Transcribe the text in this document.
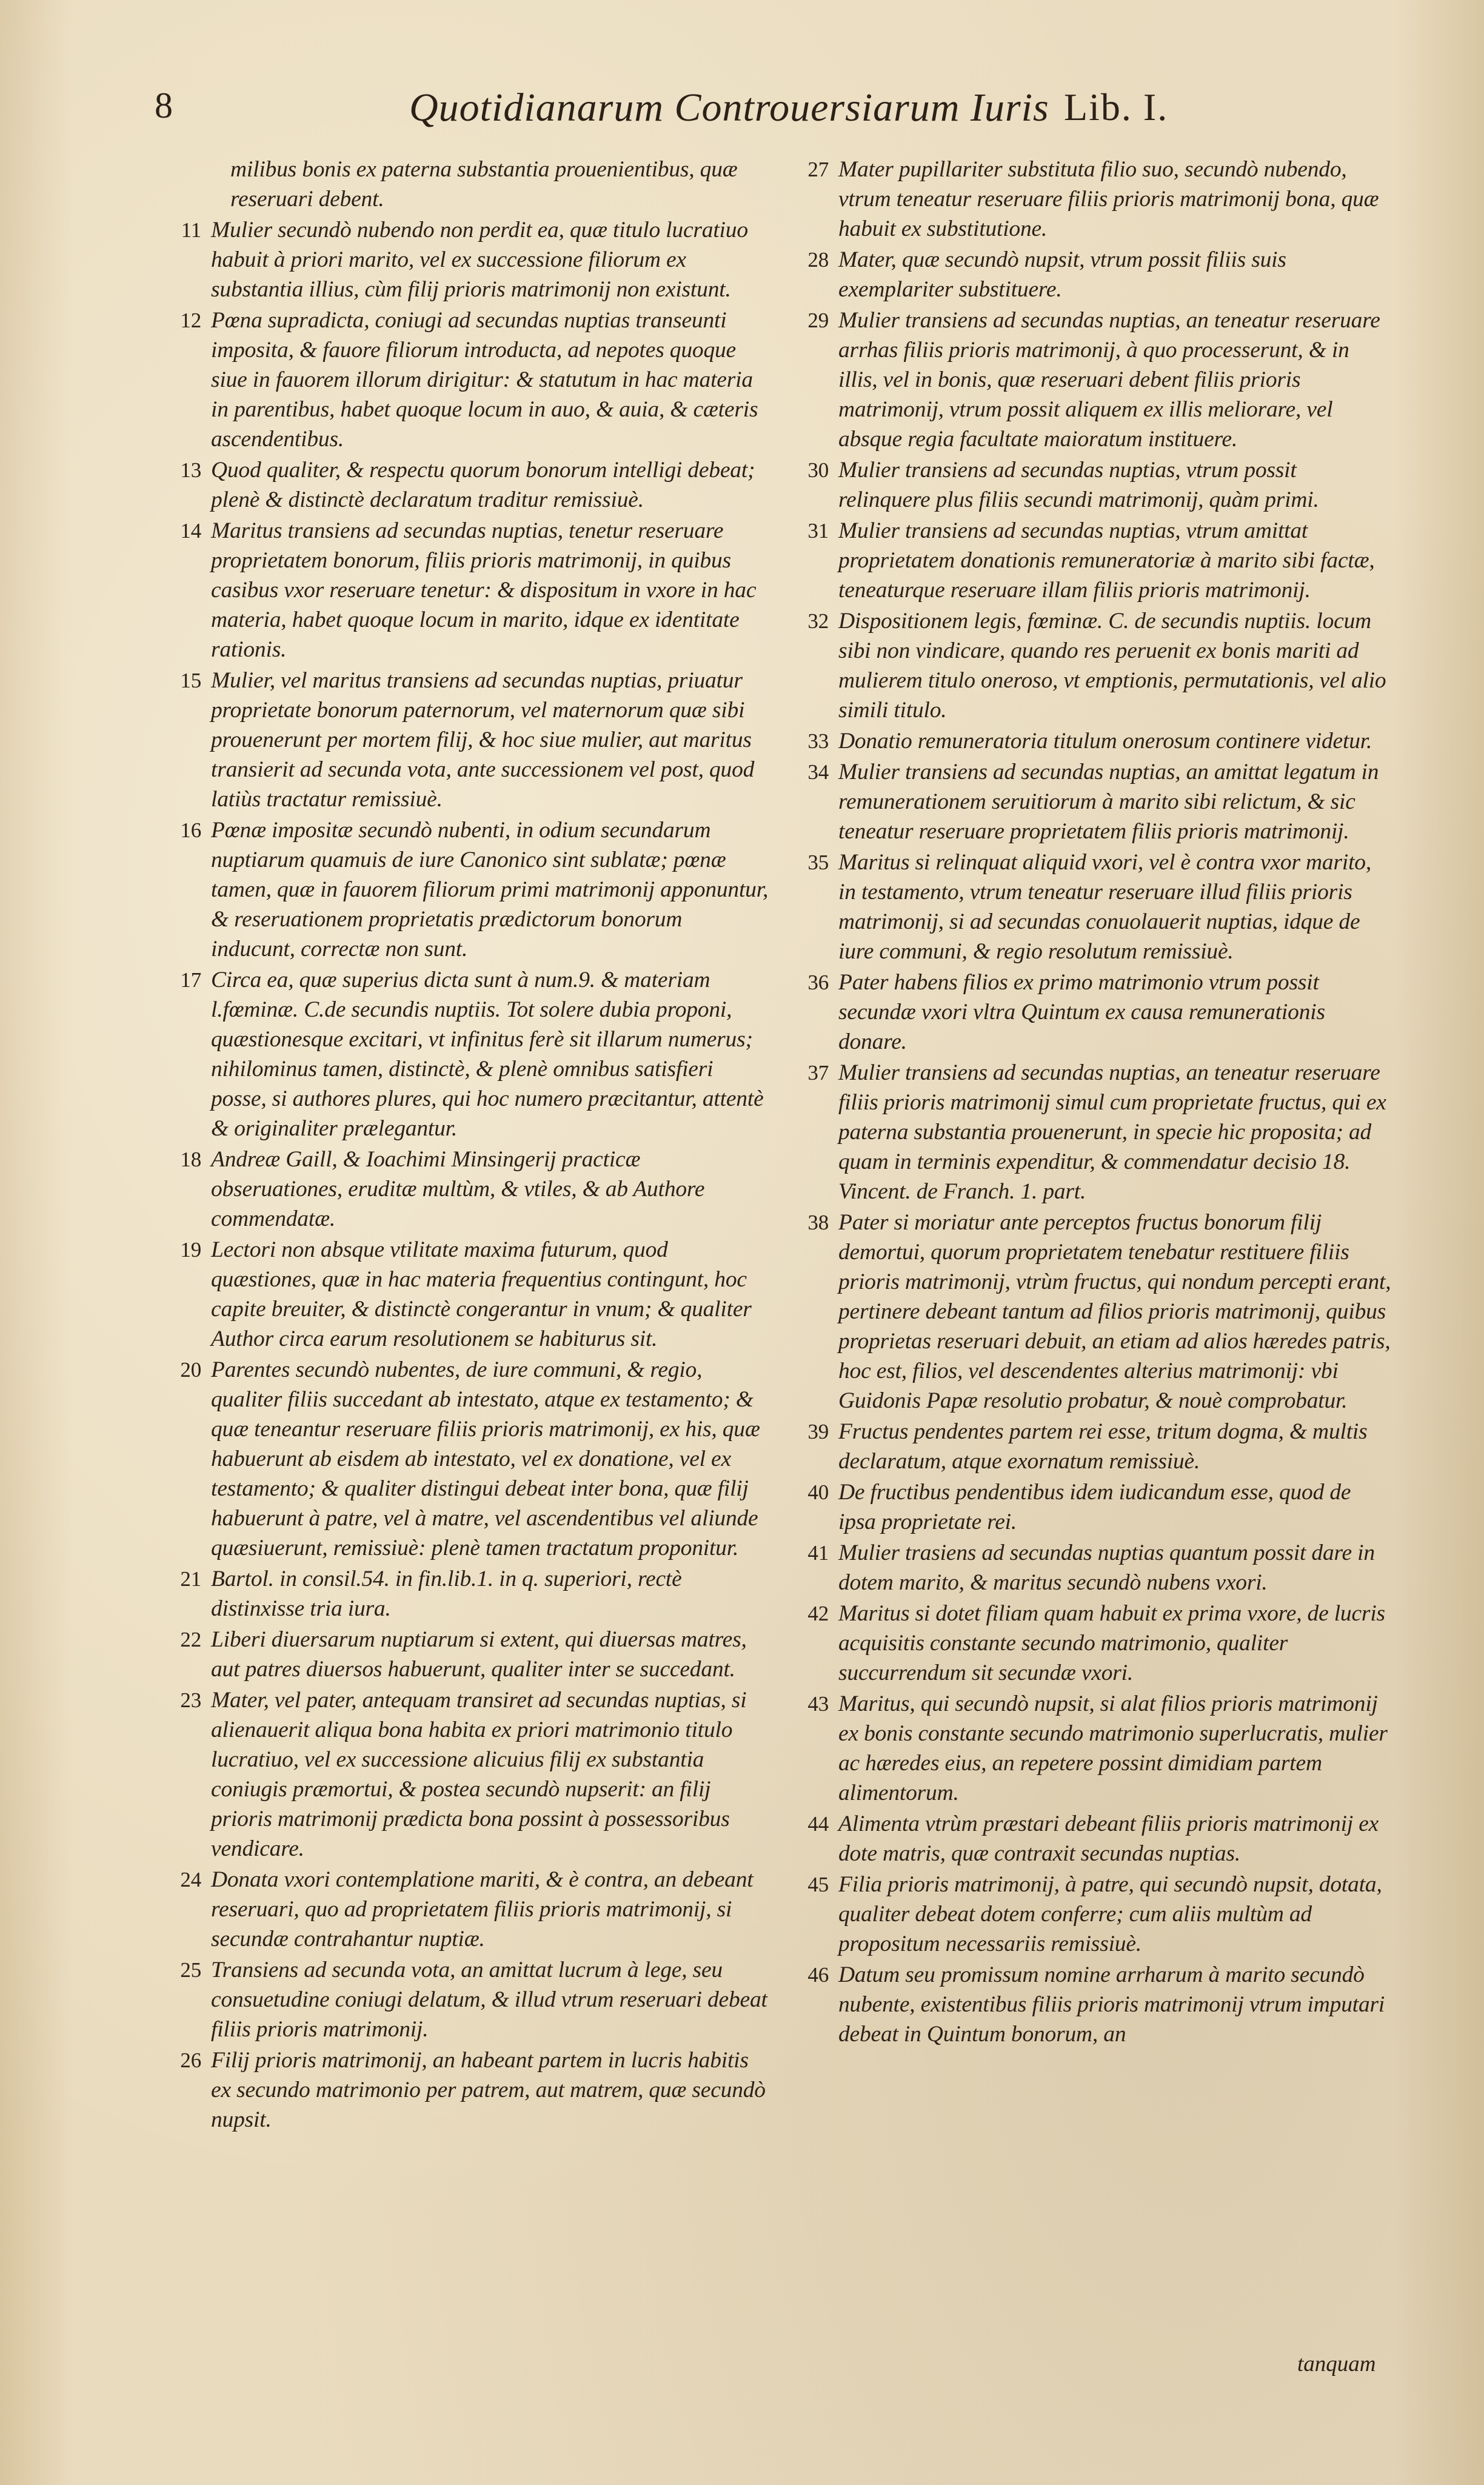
8	Quotidianarum Controuersiarum Iuris Lib. I.
milibus bonis ex paterna substantia prouenientibus, quæ reseruari debent.
11 Mulier secundò nubendo non perdit ea, quæ titulo lucratiuo habuit à priori marito, vel ex successione filiorum ex substantia illius, cùm filij prioris matrimonij non existunt.
12 Pœna supradicta, coniugi ad secundas nuptias transeunti imposita, & fauore filiorum introducta, ad nepotes quoque siue in fauorem illorum dirigitur: & statutum in hac materia in parentibus, habet quoque locum in auo, & auia, & cæteris ascendentibus.
13 Quod qualiter, & respectu quorum bonorum intelligi debeat; plenè & distinctè declaratum traditur remissiuè.
14 Maritus transiens ad secundas nuptias, tenetur reseruare proprietatem bonorum, filiis prioris matrimonij, in quibus casibus vxor reseruare tenetur: & dispositum in vxore in hac materia, habet quoque locum in marito, idque ex identitate rationis.
15 Mulier, vel maritus transiens ad secundas nuptias, priuatur proprietate bonorum paternorum, vel maternorum quæ sibi prouenerunt per mortem filij, & hoc siue mulier, aut maritus transierit ad secunda vota, ante successionem vel post, quod latiùs tractatur remissiuè.
16 Pœnæ impositæ secundò nubenti, in odium secundarum nuptiarum quamuis de iure Canonico sint sublatæ; pœnæ tamen, quæ in fauorem filiorum primi matrimonij apponuntur, & reseruationem proprietatis prædictorum bonorum inducunt, correctæ non sunt.
17 Circa ea, quæ superius dicta sunt à num.9. & materiam l.fœminæ. C.de secundis nuptiis. Tot solere dubia proponi, quæstionesque excitari, vt infinitus ferè sit illarum numerus; nihilominus tamen, distinctè, & plenè omnibus satisfieri posse, si authores plures, qui hoc numero præcitantur, attentè & originaliter prælegantur.
18 Andreæ Gaill, & Ioachimi Minsingerij practicæ obseruationes, eruditæ multùm, & vtiles, & ab Authore commendatæ.
19 Lectori non absque vtilitate maxima futurum, quod quæstiones, quæ in hac materia frequentius contingunt, hoc capite breuiter, & distinctè congerantur in vnum; & qualiter Author circa earum resolutionem se habiturus sit.
20 Parentes secundò nubentes, de iure communi, & regio, qualiter filiis succedant ab intestato, atque ex testamento; & quæ teneantur reseruare filiis prioris matrimonij, ex his, quæ habuerunt ab eisdem ab intestato, vel ex donatione, vel ex testamento; & qualiter distingui debeat inter bona, quæ filij habuerunt à patre, vel à matre, vel ascendentibus vel aliunde quæsiuerunt, remissiuè: plenè tamen tractatum proponitur.
21 Bartol. in consil.54. in fin.lib.1. in q. superiori, rectè distinxisse tria iura.
22 Liberi diuersarum nuptiarum si extent, qui diuersas matres, aut patres diuersos habuerunt, qualiter inter se succedant.
23 Mater, vel pater, antequam transiret ad secundas nuptias, si alienauerit aliqua bona habita ex priori matrimonio titulo lucratiuo, vel ex successione alicuius filij ex substantia coniugis præmortui, & postea secundò nupserit: an filij prioris matrimonij prædicta bona possint à possessoribus vendicare.
24 Donata vxori contemplatione mariti, & è contra, an debeant reseruari, quo ad proprietatem filiis prioris matrimonij, si secundæ contrahantur nuptiæ.
25 Transiens ad secunda vota, an amittat lucrum à lege, seu consuetudine coniugi delatum, & illud vtrum reseruari debeat filiis prioris matrimonij.
26 Filij prioris matrimonij, an habeant partem in lucris habitis ex secundo matrimonio per patrem, aut matrem, quæ secundò nupsit.
27 Mater pupillariter substituta filio suo, secundò nubendo, vtrum teneatur reseruare filiis prioris matrimonij bona, quæ habuit ex substitutione.
28 Mater, quæ secundò nupsit, vtrum possit filiis suis exemplariter substituere.
29 Mulier transiens ad secundas nuptias, an teneatur reseruare arrhas filiis prioris matrimonij, à quo processerunt, & in illis, vel in bonis, quæ reseruari debent filiis prioris matrimonij, vtrum possit aliquem ex illis meliorare, vel absque regia facultate maioratum instituere.
30 Mulier transiens ad secundas nuptias, vtrum possit relinquere plus filiis secundi matrimonij, quàm primi.
31 Mulier transiens ad secundas nuptias, vtrum amittat proprietatem donationis remuneratoriæ à marito sibi factæ, teneaturque reseruare illam filiis prioris matrimonij.
32 Dispositionem legis, fœminæ. C. de secundis nuptiis. locum sibi non vindicare, quando res peruenit ex bonis mariti ad mulierem titulo oneroso, vt emptionis, permutationis, vel alio simili titulo.
33 Donatio remuneratoria titulum onerosum continere videtur.
34 Mulier transiens ad secundas nuptias, an amittat legatum in remunerationem seruitiorum à marito sibi relictum, & sic teneatur reseruare proprietatem filiis prioris matrimonij.
35 Maritus si relinquat aliquid vxori, vel è contra vxor marito, in testamento, vtrum teneatur reseruare illud filiis prioris matrimonij, si ad secundas conuolauerit nuptias, idque de iure communi, & regio resolutum remissiuè.
36 Pater habens filios ex primo matrimonio vtrum possit secundæ vxori vltra Quintum ex causa remunerationis donare.
37 Mulier transiens ad secundas nuptias, an teneatur reseruare filiis prioris matrimonij simul cum proprietate fructus, qui ex paterna substantia prouenerunt, in specie hic proposita; ad quam in terminis expenditur, & commendatur decisio 18. Vincent. de Franch. 1. part.
38 Pater si moriatur ante perceptos fructus bonorum filij demortui, quorum proprietatem tenebatur restituere filiis prioris matrimonij, vtrùm fructus, qui nondum percepti erant, pertinere debeant tantum ad filios prioris matrimonij, quibus proprietas reseruari debuit, an etiam ad alios hæredes patris, hoc est, filios, vel descendentes alterius matrimonij: vbi Guidonis Papæ resolutio probatur, & nouè comprobatur.
39 Fructus pendentes partem rei esse, tritum dogma, & multis declaratum, atque exornatum remissiuè.
40 De fructibus pendentibus idem iudicandum esse, quod de ipsa proprietate rei.
41 Mulier trasiens ad secundas nuptias quantum possit dare in dotem marito, & maritus secundò nubens vxori.
42 Maritus si dotet filiam quam habuit ex prima vxore, de lucris acquisitis constante secundo matrimonio, qualiter succurrendum sit secundæ vxori.
43 Maritus, qui secundò nupsit, si alat filios prioris matrimonij ex bonis constante secundo matrimonio superlucratis, mulier ac hæredes eius, an repetere possint dimidiam partem alimentorum.
44 Alimenta vtrùm præstari debeant filiis prioris matrimonij ex dote matris, quæ contraxit secundas nuptias.
45 Filia prioris matrimonij, à patre, qui secundò nupsit, dotata, qualiter debeat dotem conferre; cum aliis multùm ad propositum necessariis remissiuè.
46 Datum seu promissum nomine arrharum à marito secundò nubente, existentibus filiis prioris matrimonij vtrum imputari debeat in Quintum bonorum, an
tanquam
